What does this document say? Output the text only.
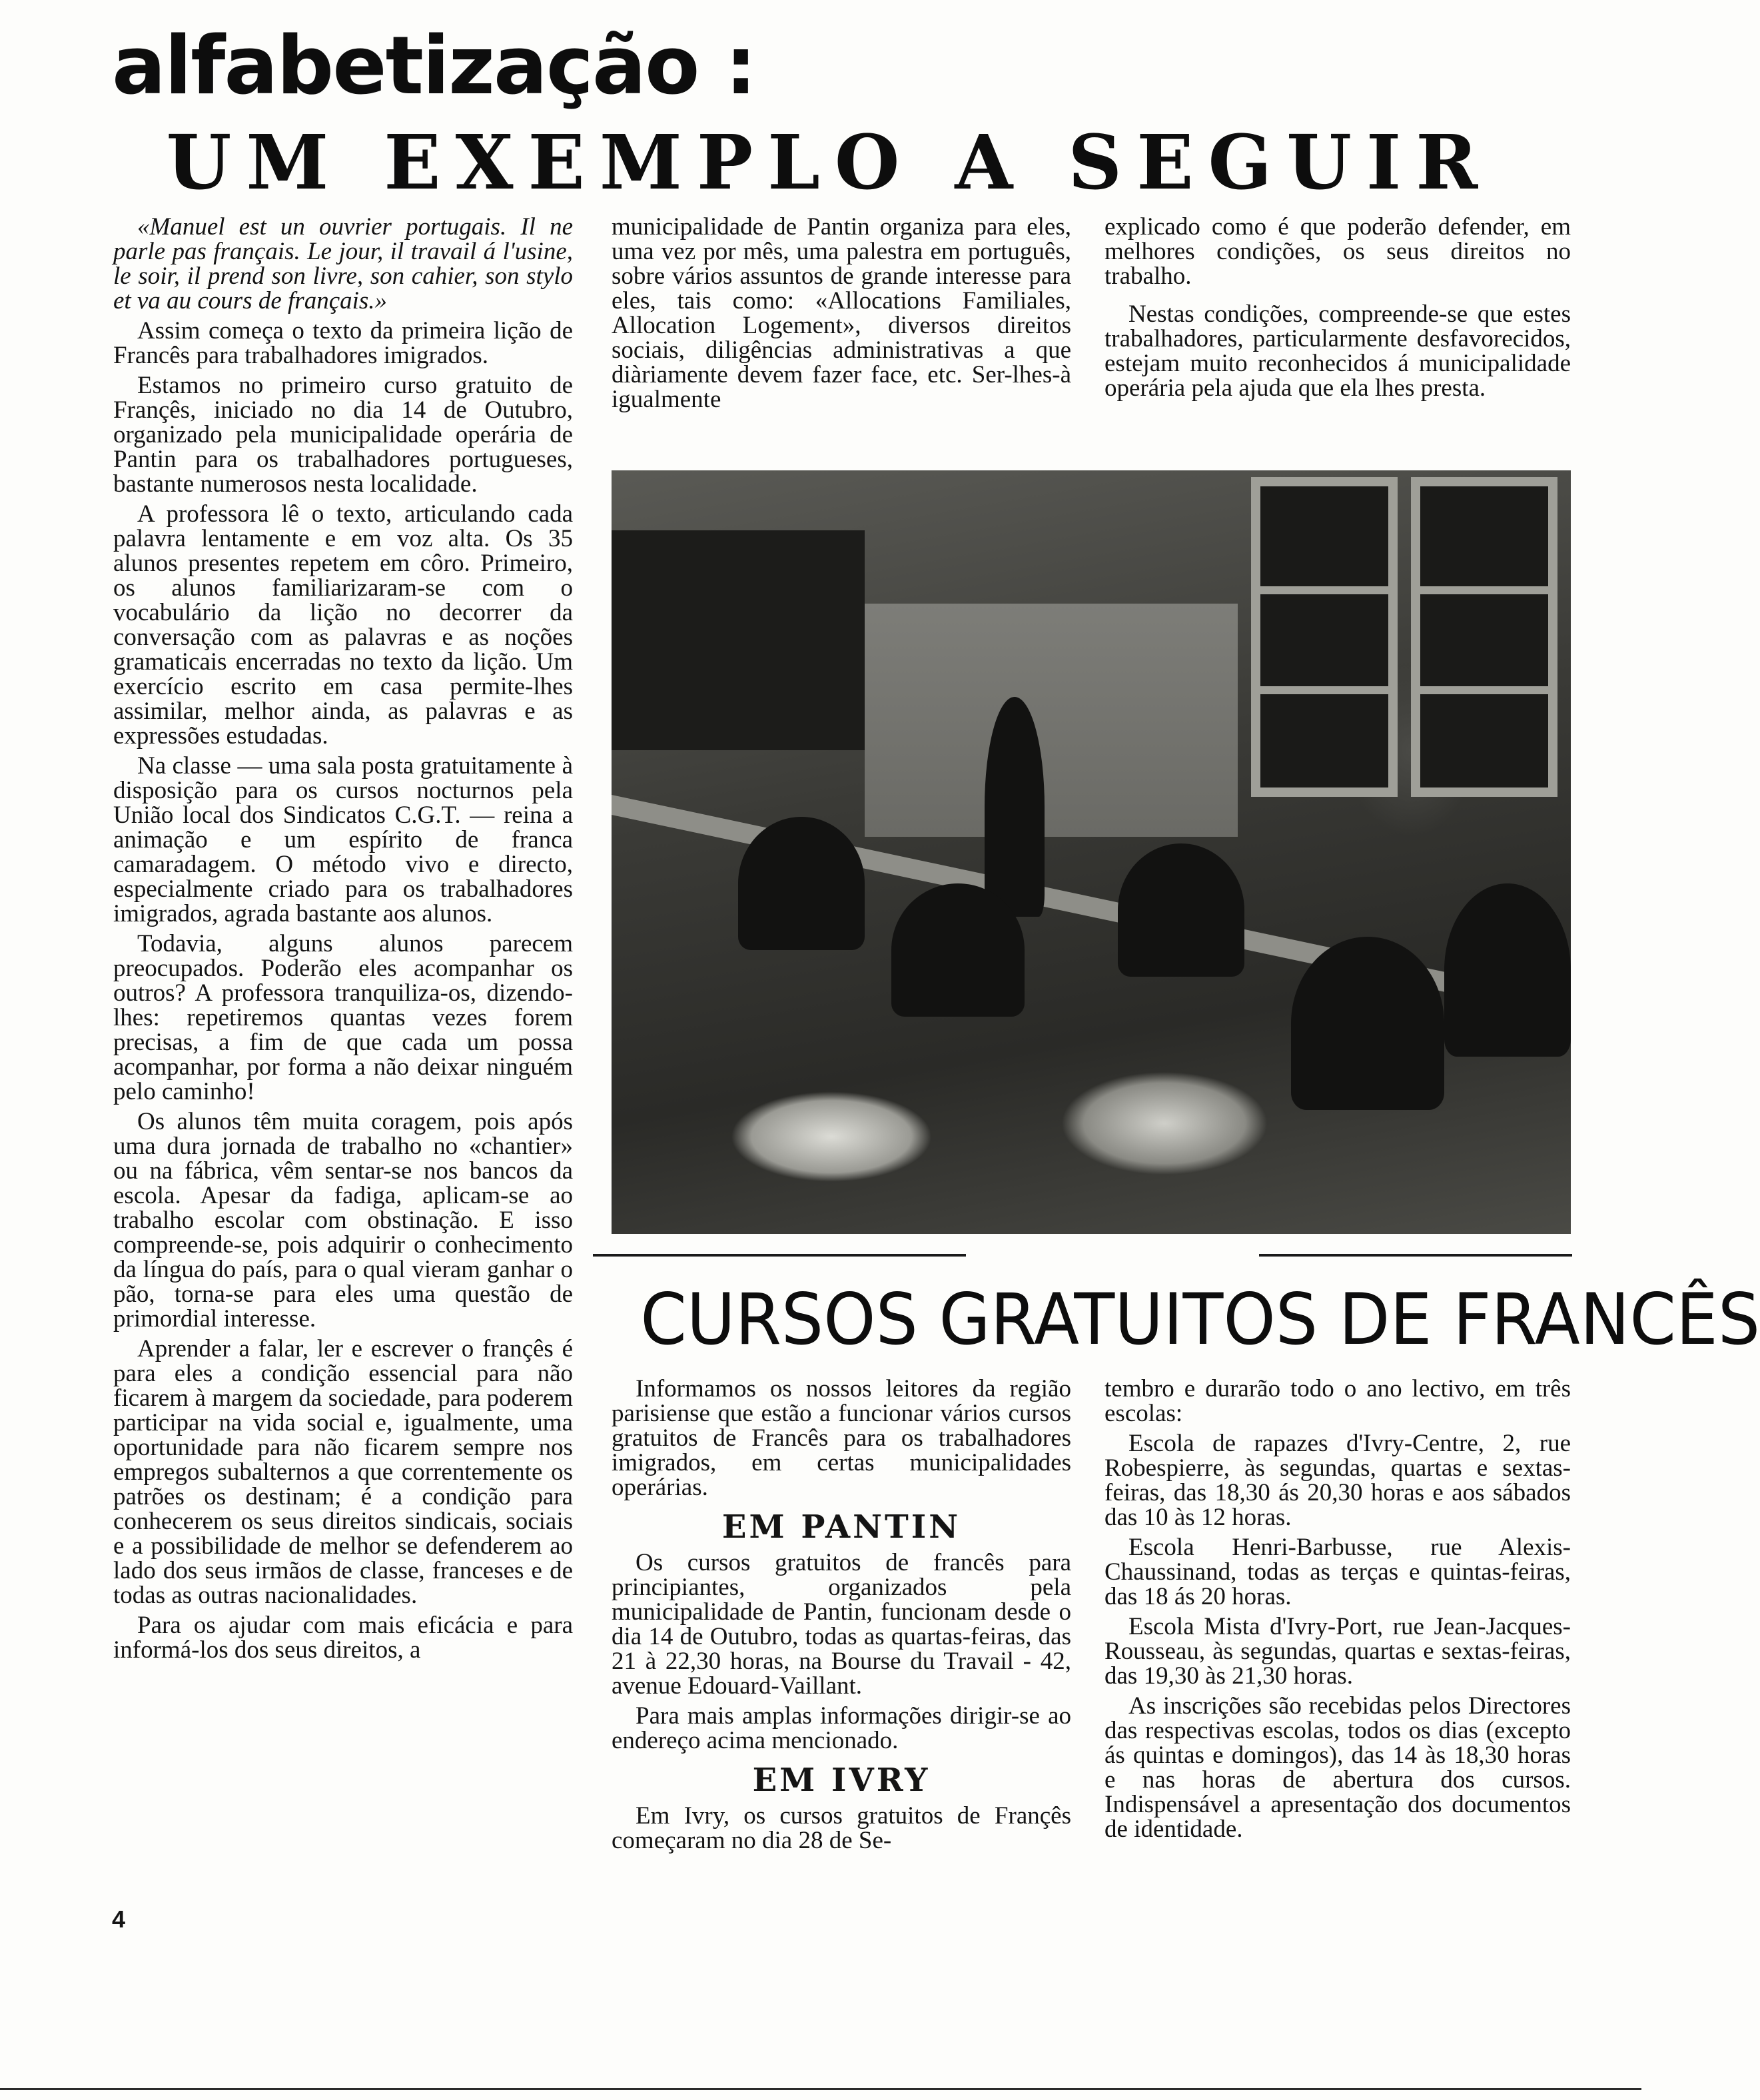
alfabetização :
UM EXEMPLO A SEGUIR

«Manuel est un ouvrier portugais. Il ne parle pas français. Le jour, il travail á l'usine, le soir, il prend son livre, son cahier, son stylo et va au cours de français.»

Assim começa o texto da primeira lição de Francês para trabalhadores imigrados.

Estamos no primeiro curso gratuito de Françês, iniciado no dia 14 de Outubro, organizado pela municipalidade operária de Pantin para os trabalhadores portugueses, bastante numerosos nesta localidade.

A professora lê o texto, articulando cada palavra lentamente e em voz alta. Os 35 alunos presentes repetem em côro. Primeiro, os alunos familiarizaram-se com o vocabulário da lição no decorrer da conversação com as palavras e as noções gramaticais encerradas no texto da lição. Um exercício escrito em casa permite-lhes assimilar, melhor ainda, as palavras e as expressões estudadas.

Na classe — uma sala posta gratuitamente à disposição para os cursos nocturnos pela União local dos Sindicatos C.G.T. — reina a animação e um espírito de franca camaradagem. O método vivo e directo, especialmente criado para os trabalhadores imigrados, agrada bastante aos alunos.

Todavia, alguns alunos parecem preocupados. Poderão eles acompanhar os outros? A professora tranquiliza-os, dizendo-lhes: repetiremos quantas vezes forem precisas, a fim de que cada um possa acompanhar, por forma a não deixar ninguém pelo caminho!

Os alunos têm muita coragem, pois após uma dura jornada de trabalho no «chantier» ou na fábrica, vêm sentar-se nos bancos da escola. Apesar da fadiga, aplicam-se ao trabalho escolar com obstinação. E isso compreende-se, pois adquirir o conhecimento da língua do país, para o qual vieram ganhar o pão, torna-se para eles uma questão de primordial interesse.

Aprender a falar, ler e escrever o françês é para eles a condição essencial para não ficarem à margem da sociedade, para poderem participar na vida social e, igualmente, uma oportunidade para não ficarem sempre nos empregos subalternos a que correntemente os patrões os destinam; é a condição para conhecerem os seus direitos sindicais, sociais e a possibilidade de melhor se defenderem ao lado dos seus irmãos de classe, franceses e de todas as outras nacionalidades.

Para os ajudar com mais eficácia e para informá-los dos seus direitos, a

municipalidade de Pantin organiza para eles, uma vez por mês, uma palestra em português, sobre vários assuntos de grande interesse para eles, tais como: «Allocations Familiales, Allocation Logement», diversos direitos sociais, diligências administrativas a que diàriamente devem fazer face, etc. Ser-lhes-à igualmente

explicado como é que poderão defender, em melhores condições, os seus direitos no trabalho.

Nestas condições, compreende-se que estes trabalhadores, particularmente desfavorecidos, estejam muito reconhecidos á municipalidade operária pela ajuda que ela lhes presta.

CURSOS GRATUITOS DE FRANCÊS

Informamos os nossos leitores da região parisiense que estão a funcionar vários cursos gratuitos de Francês para os trabalhadores imigrados, em certas municipalidades operárias.

EM PANTIN

Os cursos gratuitos de francês para principiantes, organizados pela municipalidade de Pantin, funcionam desde o dia 14 de Outubro, todas as quartas-feiras, das 21 à 22,30 horas, na Bourse du Travail - 42, avenue Edouard-Vaillant.

Para mais amplas informações dirigir-se ao endereço acima mencionado.

EM IVRY

Em Ivry, os cursos gratuitos de Françês começaram no dia 28 de Se-

tembro e durarão todo o ano lectivo, em três escolas:

Escola de rapazes d'Ivry-Centre, 2, rue Robespierre, às segundas, quartas e sextas-feiras, das 18,30 ás 20,30 horas e aos sábados das 10 às 12 horas.

Escola Henri-Barbusse, rue Alexis-Chaussinand, todas as terças e quintas-feiras, das 18 ás 20 horas.

Escola Mista d'Ivry-Port, rue Jean-Jacques-Rousseau, às segundas, quartas e sextas-feiras, das 19,30 às 21,30 horas.

As inscrições são recebidas pelos Directores das respectivas escolas, todos os dias (excepto ás quintas e domingos), das 14 às 18,30 horas e nas horas de abertura dos cursos. Indispensável a apresentação dos documentos de identidade.

4
